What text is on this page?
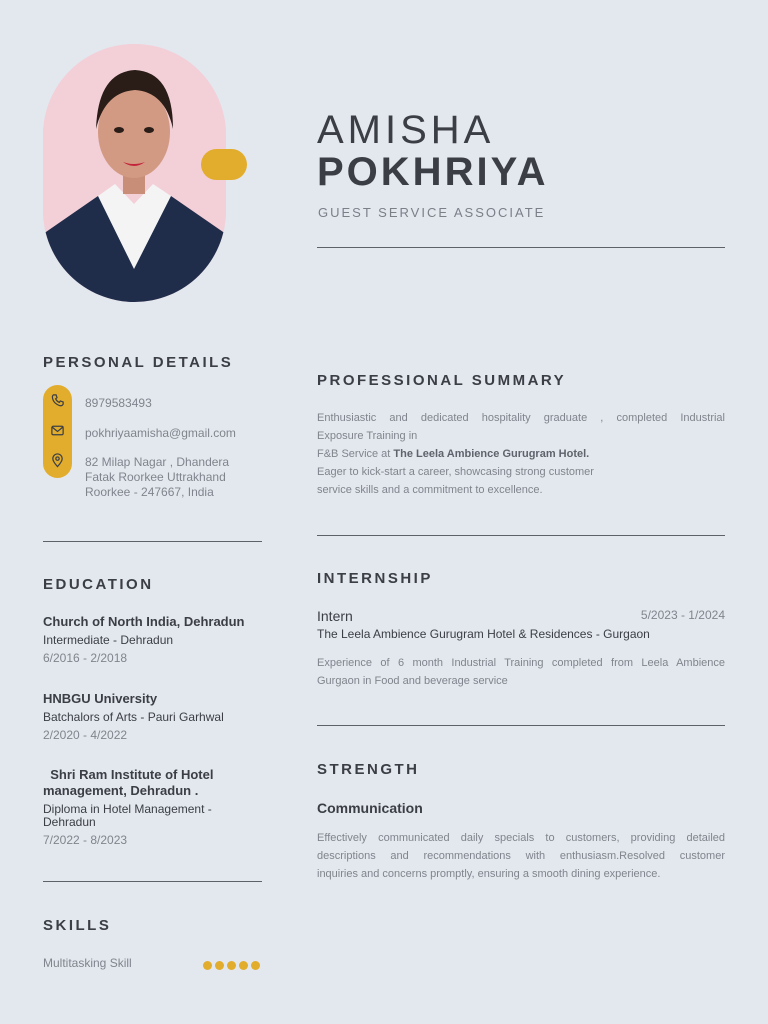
AMISHA
POKHRIYA
GUEST SERVICE ASSOCIATE
PERSONAL DETAILS
8979583493
pokhriyaamisha@gmail.com
82 Milap Nagar , Dhandera
Fatak Roorkee Uttrakhand
Roorkee - 247667, India
EDUCATION
Church of North India, Dehradun
Intermediate - Dehradun
6/2016 - 2/2018
HNBGU University
Batchalors of Arts - Pauri Garhwal
2/2020 - 4/2022
Shri Ram Institute of Hotel
management, Dehradun .
Diploma in Hotel Management -
Dehradun
7/2022 - 8/2023
SKILLS
Multitasking Skill
PROFESSIONAL SUMMARY
Enthusiastic and dedicated hospitality graduate , completed Industrial
Exposure Training in
F&B Service at The Leela Ambience Gurugram Hotel.
Eager to kick-start a career, showcasing strong customer
service skills and a commitment to excellence.
INTERNSHIP
Intern	5/2023 - 1/2024
The Leela Ambience Gurugram Hotel & Residences - Gurgaon
Experience of 6 month Industrial Training completed from Leela Ambience
Gurgaon in Food and beverage service
STRENGTH
Communication
Effectively communicated daily specials to customers, providing detailed
descriptions and recommendations with enthusiasm.Resolved customer
inquiries and concerns promptly, ensuring a smooth dining experience.
